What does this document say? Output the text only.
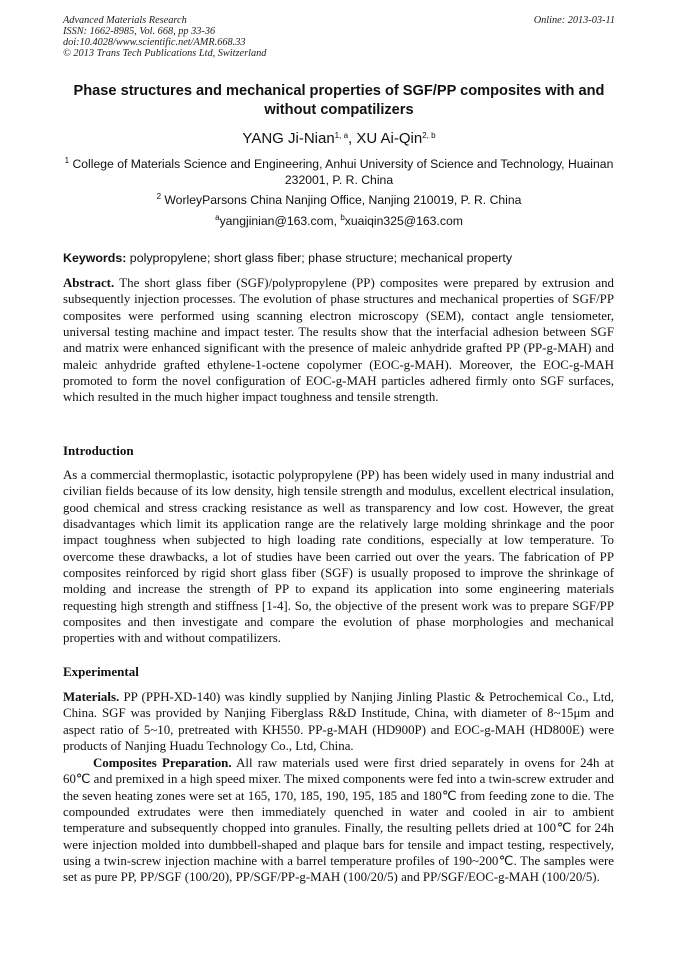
Advanced Materials Research
ISSN: 1662-8985, Vol. 668, pp 33-36
doi:10.4028/www.scientific.net/AMR.668.33
© 2013 Trans Tech Publications Ltd, Switzerland
Online: 2013-03-11
Phase structures and mechanical properties of SGF/PP composites with and without compatilizers
YANG Ji-Nian$^{1, a}$, XU Ai-Qin$^{2, b}$
$^1$ College of Materials Science and Engineering, Anhui University of Science and Technology, Huainan 232001, P. R. China
$^2$ WorleyParsons China Nanjing Office, Nanjing 210019, P. R. China
$^a$yangjinian@163.com, $^b$xuaiqin325@163.com
Keywords: polypropylene; short glass fiber; phase structure; mechanical property
Abstract. The short glass fiber (SGF)/polypropylene (PP) composites were prepared by extrusion and subsequently injection processes. The evolution of phase structures and mechanical properties of SGF/PP composites were performed using scanning electron microscopy (SEM), contact angle tensiometer, universal testing machine and impact tester. The results show that the interfacial adhesion between SGF and matrix were enhanced significant with the presence of maleic anhydride grafted PP (PP-g-MAH) and maleic anhydride grafted ethylene-1-octene copolymer (EOC-g-MAH). Moreover, the EOC-g-MAH promoted to form the novel configuration of EOC-g-MAH particles adhered firmly onto SGF surfaces, which resulted in the much higher impact toughness and tensile strength.
Introduction
As a commercial thermoplastic, isotactic polypropylene (PP) has been widely used in many industrial and civilian fields because of its low density, high tensile strength and modulus, excellent electrical insulation, good chemical and stress cracking resistance as well as transparency and low cost. However, the great disadvantages which limit its application range are the relatively large molding shrinkage and the poor impact toughness when subjected to high loading rate conditions, especially at low temperature. To overcome these drawbacks, a lot of studies have been carried out over the years. The fabrication of PP composites reinforced by rigid short glass fiber (SGF) is usually proposed to improve the shrinkage of molding and increase the strength of PP to expand its application into some engineering materials requesting high strength and stiffness [1-4]. So, the objective of the present work was to prepare SGF/PP composites and then investigate and compare the evolution of phase morphologies and mechanical properties with and without compatilizers.
Experimental
Materials. PP (PPH-XD-140) was kindly supplied by Nanjing Jinling Plastic & Petrochemical Co., Ltd, China. SGF was provided by Nanjing Fiberglass R&D Institude, China, with diameter of 8~15μm and aspect ratio of 5~10, pretreated with KH550. PP-g-MAH (HD900P) and EOC-g-MAH (HD800E) were products of Nanjing Huadu Technology Co., Ltd, China.
Composites Preparation. All raw materials used were first dried separately in ovens for 24h at 60℃ and premixed in a high speed mixer. The mixed components were fed into a twin-screw extruder and the seven heating zones were set at 165, 170, 185, 190, 195, 185 and 180℃ from feeding zone to die. The compounded extrudates were then immediately quenched in water and cooled in air to ambient temperature and subsequently chopped into granules. Finally, the resulting pellets dried at 100℃ for 24h were injection molded into dumbbell-shaped and plaque bars for tensile and impact testing, respectively, using a twin-screw injection machine with a barrel temperature profiles of 190~200℃. The samples were set as pure PP, PP/SGF (100/20), PP/SGF/PP-g-MAH (100/20/5) and PP/SGF/EOC-g-MAH (100/20/5).
